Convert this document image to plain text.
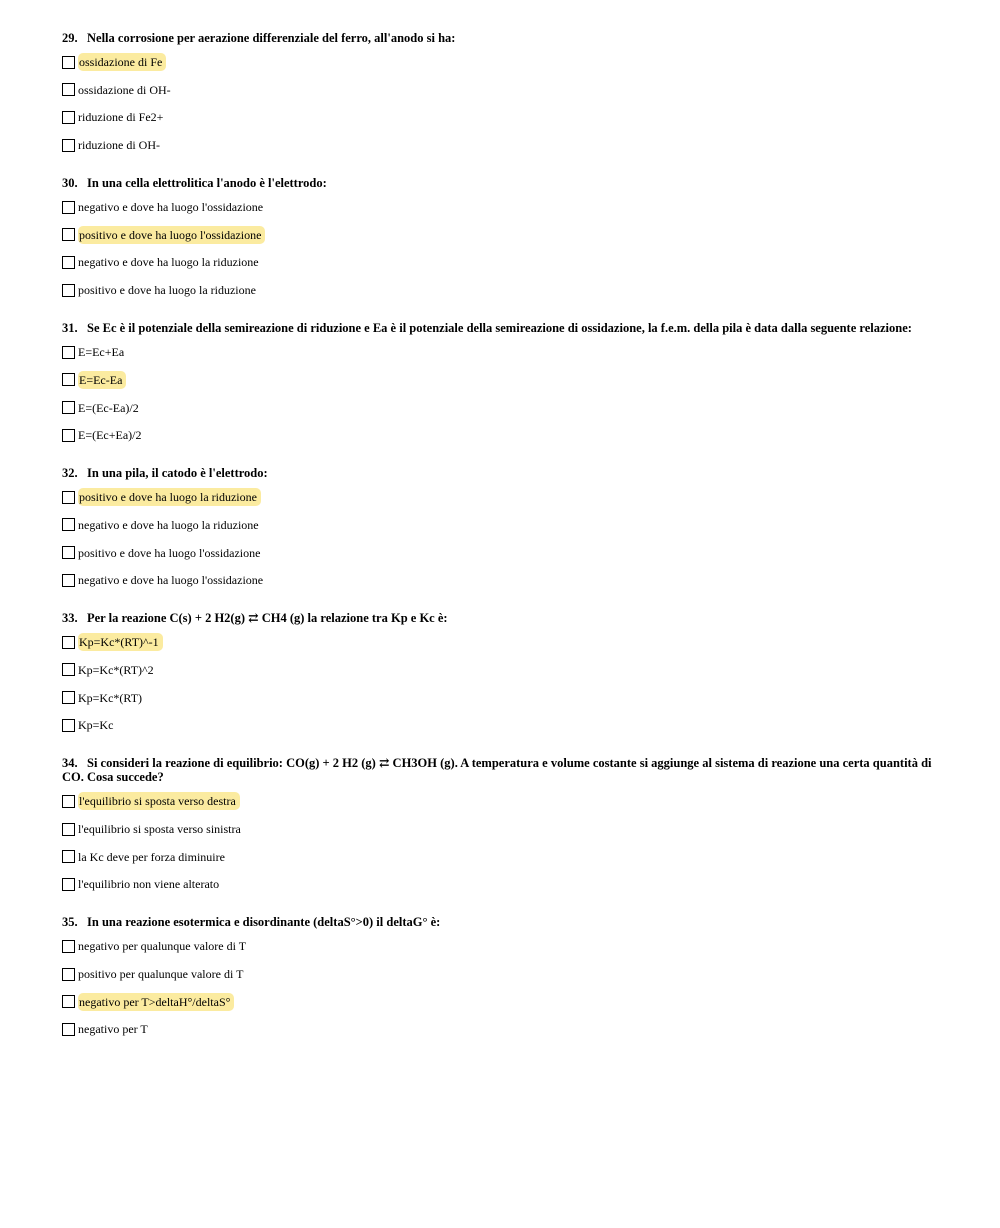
29. Nella corrosione per aerazione differenziale del ferro, all'anodo si ha:
ossidazione di Fe
ossidazione di OH-
riduzione di Fe2+
riduzione di OH-
30. In una cella elettrolitica l'anodo è l'elettrodo:
negativo e dove ha luogo l'ossidazione
positivo e dove ha luogo l'ossidazione
negativo e dove ha luogo la riduzione
positivo e dove ha luogo la riduzione
31. Se Ec è il potenziale della semireazione di riduzione e Ea è il potenziale della semireazione di ossidazione, la f.e.m. della pila è data dalla seguente relazione:
E=Ec+Ea
E=Ec-Ea
E=(Ec-Ea)/2
E=(Ec+Ea)/2
32. In una pila, il catodo è l'elettrodo:
positivo e dove ha luogo la riduzione
negativo e dove ha luogo la riduzione
positivo e dove ha luogo l'ossidazione
negativo e dove ha luogo l'ossidazione
33. Per la reazione C(s) + 2 H2(g) ⇄ CH4 (g) la relazione tra Kp e Kc è:
Kp=Kc*(RT)^-1
Kp=Kc*(RT)^2
Kp=Kc*(RT)
Kp=Kc
34. Si consideri la reazione di equilibrio: CO(g) + 2 H2 (g) ⇄ CH3OH (g). A temperatura e volume costante si aggiunge al sistema di reazione una certa quantità di CO. Cosa succede?
l'equilibrio si sposta verso destra
l'equilibrio si sposta verso sinistra
la Kc deve per forza diminuire
l'equilibrio non viene alterato
35. In una reazione esotermica e disordinante (deltaS°>0) il deltaG° è:
negativo per qualunque valore di T
positivo per qualunque valore di T
negativo per T>deltaH°/deltaS°
negativo per T
